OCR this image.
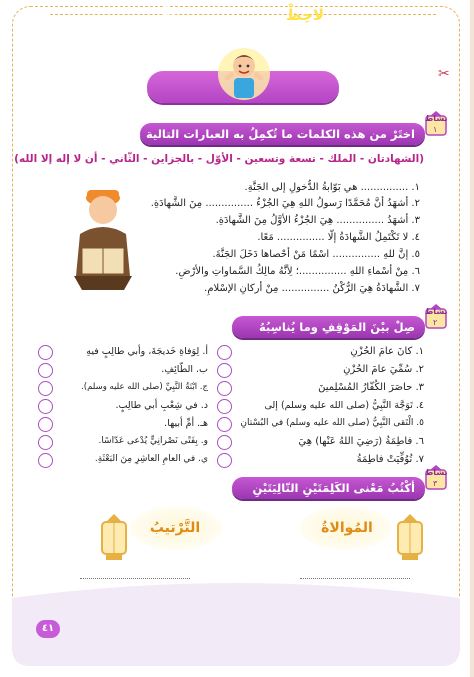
✂
لاحِظْ
وتَعَلَّمْ
اختَرْ من هذه الكلمات ما تُكمِلُ به العبارات التالية
نشاط
١
(الشهادتان - الملك - تسعة وتسعين - الأوّل - بالجزاين - الثّاني - أن لا إله إلا الله)
١. ............... هي بَوّابةُ الدُّخولِ إلى الجَنَّةِ.
٢. أشهَدُ أنَّ مُحَمَّدًا رَسولُ اللهِ هِيَ الجُزْءُ ............... مِنَ الشَّهادَةِ.
٣. أشهَدُ ............... هِيَ الجُزْءُ الأوَّلُ مِنَ الشَّهادَةِ.
٤. لا تَكْتَمِلُ الشَّهادَةُ إلّا ............... مَعًا.
٥. إنَّ للهِ ............... اسْمًا مَنْ أحْصاها دَخَلَ الجَنَّةَ.
٦. مِنْ أسْماءِ اللهِ ...............؛ لِأنَّهُ مالِكُ السَّماواتِ والأرْضِ.
٧. الشَّهادَةُ هِيَ الرُّكْنُ ............... مِنْ أركانِ الإسْلامِ.
صِلْ بيْنَ المَوْقِفِ وما يُناسِبُهُ
نشاط
٢
١. كانَ عامَ الحُزْنِ
٢. سُمِّيَ عامَ الحُزْنِ
٣. حاصَرَ الكُفّارُ المُسْلِمينَ
٤. تَوَجَّهَ النَّبِيُّ (صلى الله عليه وسلم) إلى
٥. الْتَقى النَّبِيُّ (صلى الله عليه وسلم) في البُسْتانِ
٦. فاطِمَةُ (رَضِيَ اللهُ عَنْها) هِيَ
٧. تُوُفِّيَتْ فاطِمَةُ
أ. لِوَفاةِ خَديجَةَ، وأبي طالِبٍ فيهِ
ب. الطّائِفِ.
ج. ابْنَةُ النَّبِيِّ (صلى الله عليه وسلم).
د. في شِعْبِ أبي طالِبٍ.
هـ. أمِّ أبيها.
و. بِفَتًى نَصْرانِيٍّ يُدْعى عَدّاسًا.
ي. في العامِ العاشِرِ مِنَ البَعْثَةِ.
أكْتُبُ مَعْنى الكَلِمَتَيْنِ التّالِيَتَيْنِ
نشاط
٣
المُوالاةُ
التَّرْتيبُ
٤١
